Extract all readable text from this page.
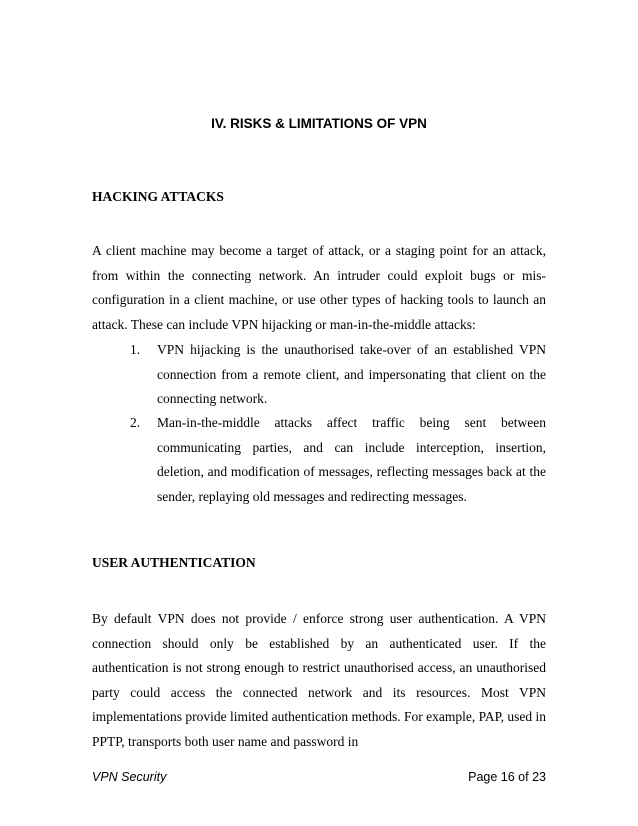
IV. RISKS & LIMITATIONS OF VPN
HACKING ATTACKS

A client machine may become a target of attack, or a staging point for an attack, from within the connecting network. An intruder could exploit bugs or mis-configuration in a client machine, or use other types of hacking tools to launch an attack. These can include VPN hijacking or man-in-the-middle attacks:

1. VPN hijacking is the unauthorised take-over of an established VPN connection from a remote client, and impersonating that client on the connecting network.

2. Man-in-the-middle attacks affect traffic being sent between communicating parties, and can include interception, insertion, deletion, and modification of messages, reflecting messages back at the sender, replaying old messages and redirecting messages.

USER AUTHENTICATION

By default VPN does not provide / enforce strong user authentication. A VPN connection should only be established by an authenticated user. If the authentication is not strong enough to restrict unauthorised access, an unauthorised party could access the connected network and its resources. Most VPN implementations provide limited authentication methods. For example, PAP, used in PPTP, transports both user name and password in

VPN Security	Page 16 of 23
